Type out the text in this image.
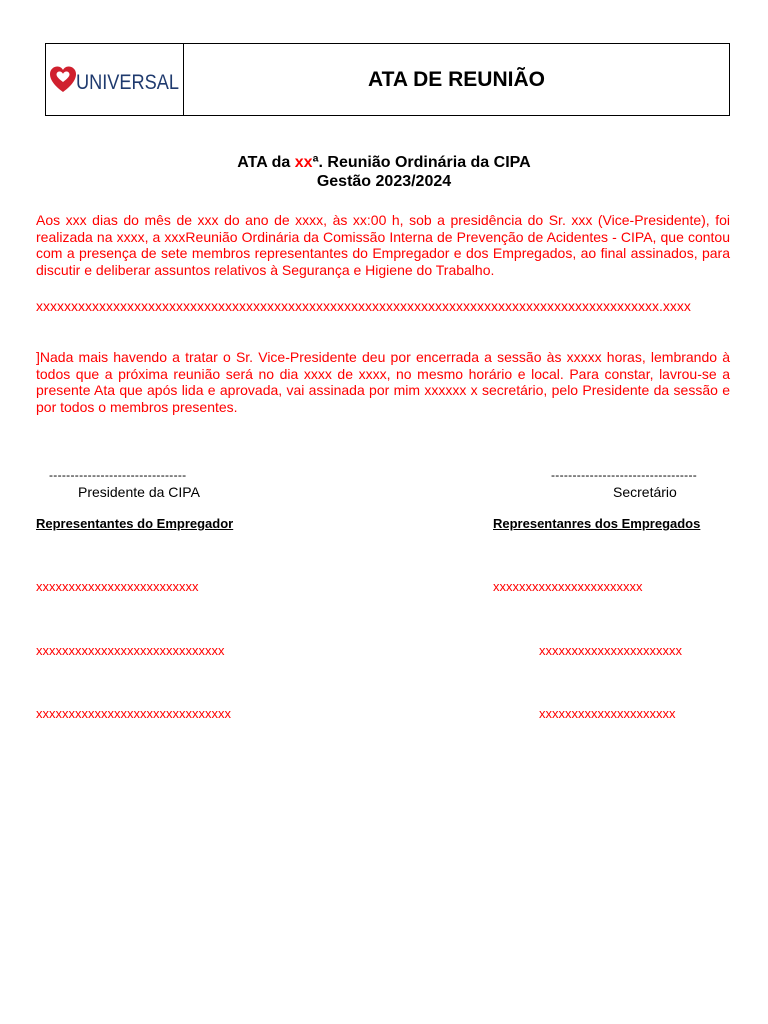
UNIVERSAL	ATA DE REUNIÃO
ATA da xxª. Reunião Ordinária da CIPA
Gestão 2023/2024

Aos xxx dias do mês de xxx do ano de xxxx, às xx:00 h, sob a presidência do Sr. xxx (Vice-Presidente), foi realizada na xxxx, a xxxReunião Ordinária da Comissão Interna de Prevenção de Acidentes - CIPA, que contou com a presença de sete membros representantes do Empregador e dos Empregados, ao final assinados, para discutir e deliberar assuntos relativos à Segurança e Higiene do Trabalho.

xxxxxxxxxxxxxxxxxxxxxxxxxxxxxxxxxxxxxxxxxxxxxxxxxxxxxxxxxxxxxxxxxxxxxxxxxxxxxxxxxxxxxxxxx.xxxx

]Nada mais havendo a tratar o Sr. Vice-Presidente deu por encerrada a sessão às xxxxx horas, lembrando à todos que a próxima reunião será no dia xxxx de xxxx, no mesmo horário e local. Para constar, lavrou-se a presente Ata que após lida e aprovada, vai assinada por mim xxxxxx x secretário, pelo Presidente da sessão e por todos o membros presentes.

--------------------------------
Presidente da CIPA
----------------------------------
Secretário
Representantes do Empregador	Representanres dos Empregados
xxxxxxxxxxxxxxxxxxxxxxxxx
xxxxxxxxxxxxxxxxxxxxxxxxxxxxx
xxxxxxxxxxxxxxxxxxxxxxxxxxxxxx
xxxxxxxxxxxxxxxxxxxxxxx
xxxxxxxxxxxxxxxxxxxxxx
xxxxxxxxxxxxxxxxxxxxx
